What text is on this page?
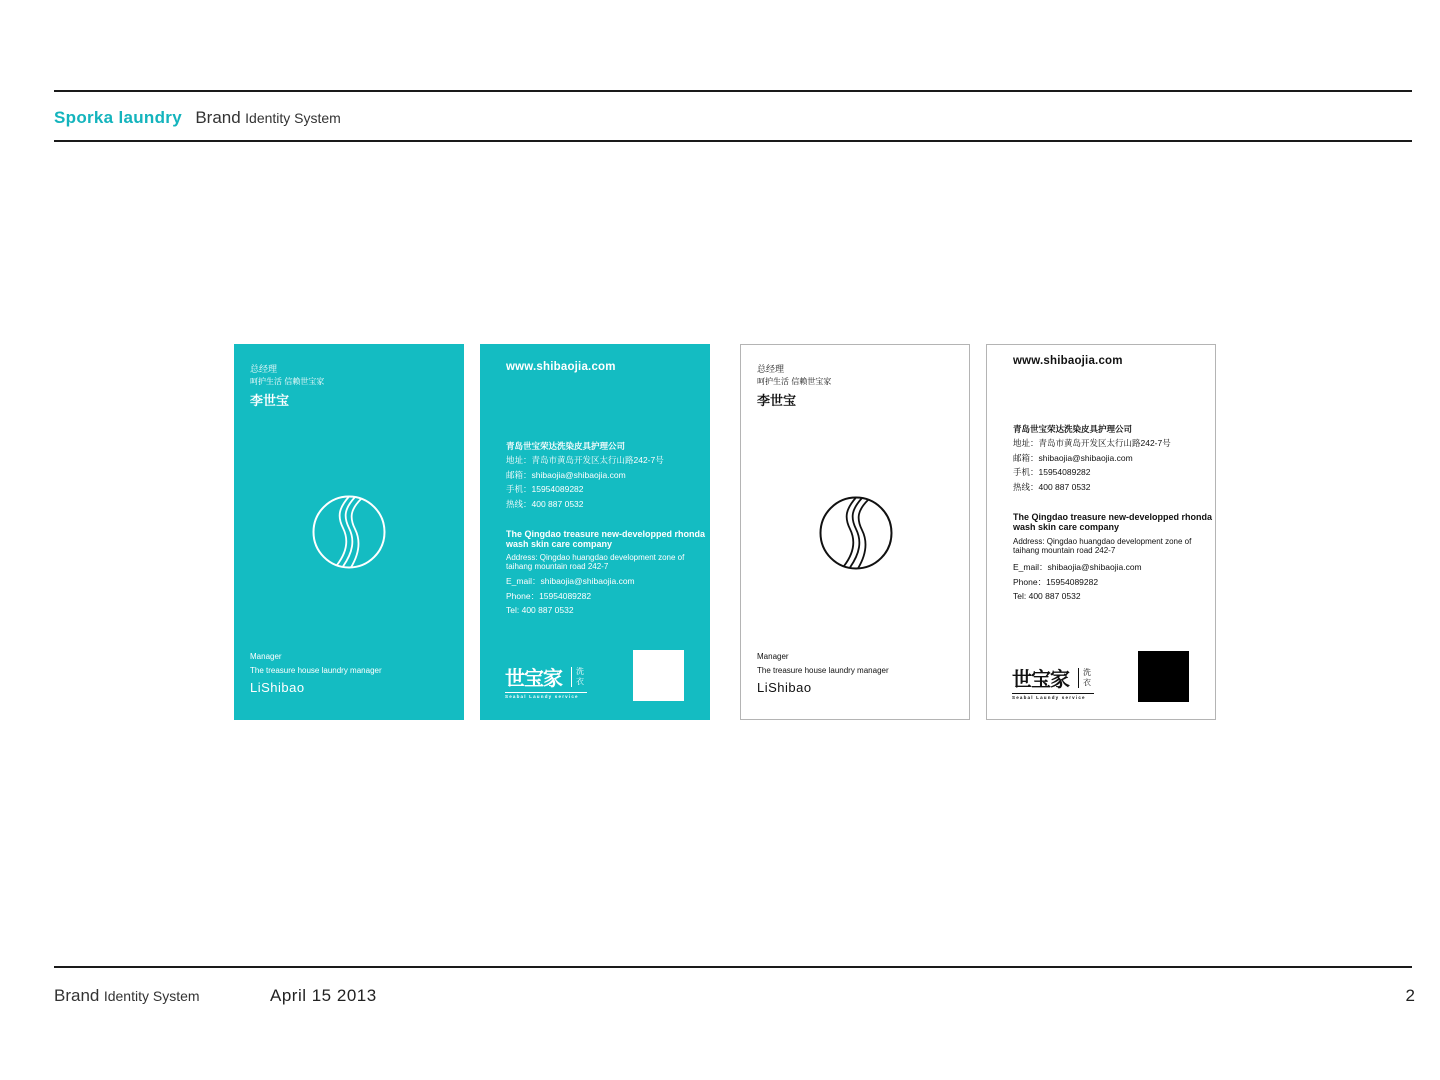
Sporka laundry Brand Identity System
总经理
呵护生活 信赖世宝家
李世宝
Manager
The treasure house laundry manager
LiShibao
www.shibaojia.com
青岛世宝荣达洗染皮具护理公司
地址：青岛市黄岛开发区太行山路242-7号
邮箱：shibaojia@shibaojia.com
手机：15954089282
热线：400 887 0532
The Qingdao treasure new-developped rhonda wash skin care company
Address: Qingdao huangdao development zone of taihang mountain road 242-7
E_mail：shibaojia@shibaojia.com
Phone：15954089282
Tel: 400 887 0532
世宝家	洗衣
Seabal Laundy service
总经理
呵护生活 信赖世宝家
李世宝
Manager
The treasure house laundry manager
LiShibao
www.shibaojia.com
青岛世宝荣达洗染皮具护理公司
地址：青岛市黄岛开发区太行山路242-7号
邮箱：shibaojia@shibaojia.com
手机：15954089282
热线：400 887 0532
The Qingdao treasure new-developped rhonda wash skin care company
Address: Qingdao huangdao development zone of taihang mountain road 242-7
E_mail：shibaojia@shibaojia.com
Phone：15954089282
Tel: 400 887 0532
世宝家	洗衣
Seabal Laundy service
Brand Identity System	April 15 2013	2
